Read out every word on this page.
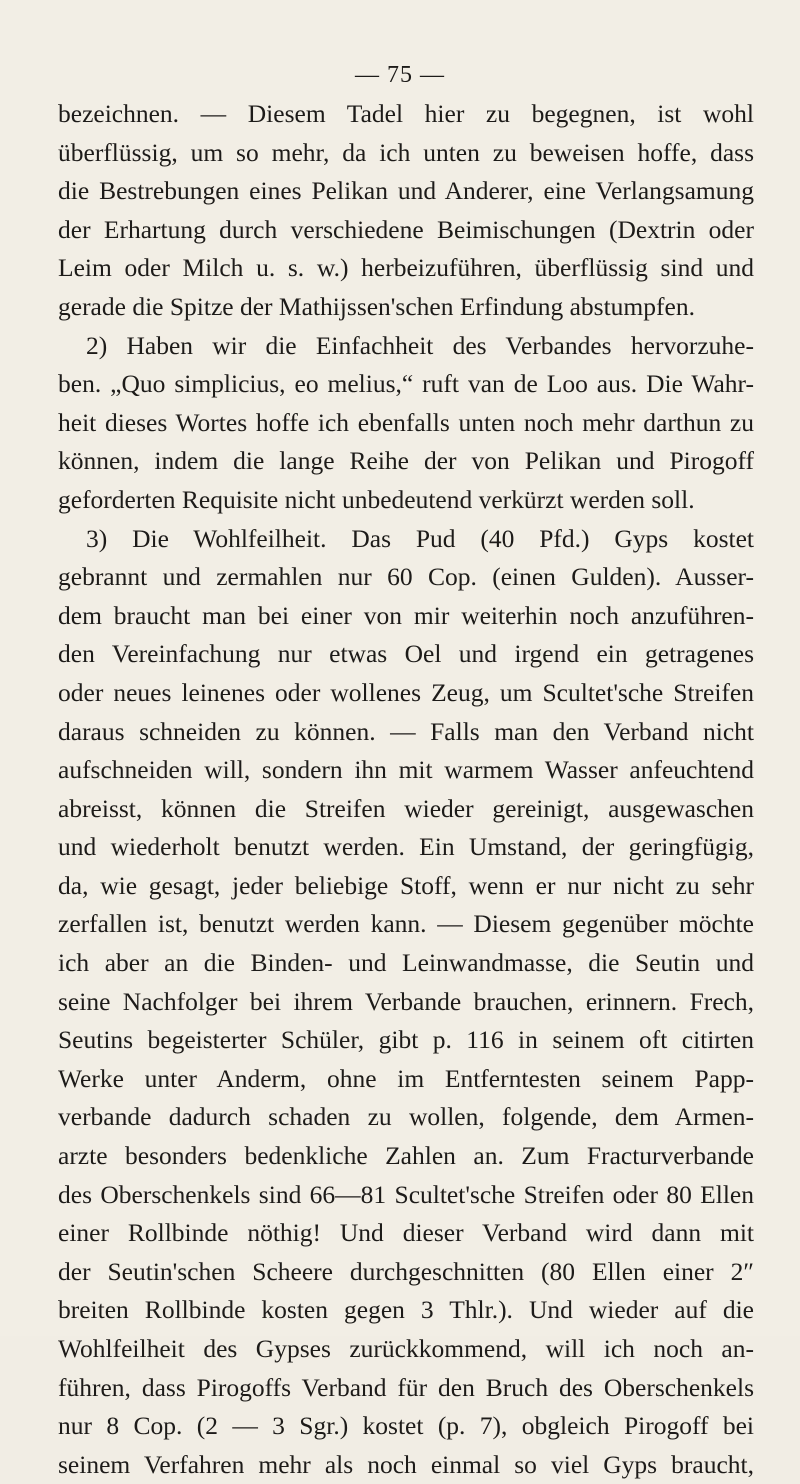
— 75 —
bezeichnen. — Diesem Tadel hier zu begegnen, ist wohl
überflüssig, um so mehr, da ich unten zu beweisen hoffe, dass
die Bestrebungen eines Pelikan und Anderer, eine Verlangsamung
der Erhartung durch verschiedene Beimischungen (Dextrin oder
Leim oder Milch u. s. w.) herbeizuführen, überflüssig sind und
gerade die Spitze der Mathijssen'schen Erfindung abstumpfen.
2) Haben wir die Einfachheit des Verbandes hervorzuhe-
ben. „Quo simplicius, eo melius,“ ruft van de Loo aus. Die Wahr-
heit dieses Wortes hoffe ich ebenfalls unten noch mehr darthun zu
können, indem die lange Reihe der von Pelikan und Pirogoff
geforderten Requisite nicht unbedeutend verkürzt werden soll.
3) Die Wohlfeilheit. Das Pud (40 Pfd.) Gyps kostet
gebrannt und zermahlen nur 60 Cop. (einen Gulden). Ausser-
dem braucht man bei einer von mir weiterhin noch anzuführen-
den Vereinfachung nur etwas Oel und irgend ein getragenes
oder neues leinenes oder wollenes Zeug, um Scultet'sche Streifen
daraus schneiden zu können. — Falls man den Verband nicht
aufschneiden will, sondern ihn mit warmem Wasser anfeuchtend
abreisst, können die Streifen wieder gereinigt, ausgewaschen
und wiederholt benutzt werden. Ein Umstand, der geringfügig,
da, wie gesagt, jeder beliebige Stoff, wenn er nur nicht zu sehr
zerfallen ist, benutzt werden kann. — Diesem gegenüber möchte
ich aber an die Binden- und Leinwandmasse, die Seutin und
seine Nachfolger bei ihrem Verbande brauchen, erinnern. Frech,
Seutins begeisterter Schüler, gibt p. 116 in seinem oft citirten
Werke unter Anderm, ohne im Entferntesten seinem Papp-
verbande dadurch schaden zu wollen, folgende, dem Armen-
arzte besonders bedenkliche Zahlen an. Zum Fracturverbande
des Oberschenkels sind 66—81 Scultet'sche Streifen oder 80 Ellen
einer Rollbinde nöthig! Und dieser Verband wird dann mit
der Seutin'schen Scheere durchgeschnitten (80 Ellen einer 2″
breiten Rollbinde kosten gegen 3 Thlr.). Und wieder auf die
Wohlfeilheit des Gypses zurückkommend, will ich noch an-
führen, dass Pirogoffs Verband für den Bruch des Oberschenkels
nur 8 Cop. (2 — 3 Sgr.) kostet (p. 7), obgleich Pirogoff bei
seinem Verfahren mehr als noch einmal so viel Gyps braucht,
